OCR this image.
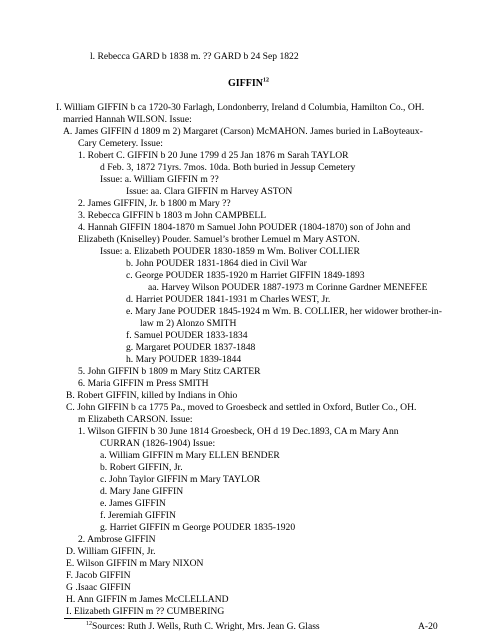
l. Rebecca GARD b 1838 m. ?? GARD b 24 Sep 1822
GIFFIN$^{12}$
I. William GIFFIN b ca 1720-30 Farlagh, Londonberry, Ireland d Columbia, Hamilton Co., OH.
married Hannah WILSON. Issue:
A. James GIFFIN d 1809 m 2) Margaret (Carson) McMAHON. James buried in LaBoyteaux-
Cary Cemetery. Issue:
1. Robert C. GIFFIN b 20 June 1799 d 25 Jan 1876 m Sarah TAYLOR
d Feb. 3, 1872 71yrs. 7mos. 10da. Both buried in Jessup Cemetery
Issue: a. William GIFFIN m ??
Issue: aa. Clara GIFFIN m Harvey ASTON
2. James GIFFIN, Jr. b 1800 m Mary ??
3. Rebecca GIFFIN b 1803 m John CAMPBELL
4. Hannah GIFFIN 1804-1870 m Samuel John POUDER (1804-1870) son of John and
Elizabeth (Kniselley) Pouder. Samuel’s brother Lemuel m Mary ASTON.
Issue: a. Elizabeth POUDER 1830-1859 m Wm. Boliver COLLIER
b. John POUDER 1831-1864 died in Civil War
c. George POUDER 1835-1920 m Harriet GIFFIN 1849-1893
aa. Harvey Wilson POUDER 1887-1973 m Corinne Gardner MENEFEE
d. Harriet POUDER 1841-1931 m Charles WEST, Jr.
e. Mary Jane POUDER 1845-1924 m Wm. B. COLLIER, her widower brother-in-
law m 2) Alonzo SMITH
f. Samuel POUDER 1833-1834
g. Margaret POUDER 1837-1848
h. Mary POUDER 1839-1844
5. John GIFFIN b 1809 m Mary Stitz CARTER
6. Maria GIFFIN m Press SMITH
B. Robert GIFFIN, killed by Indians in Ohio
C. John GIFFIN b ca 1775 Pa., moved to Groesbeck and settled in Oxford, Butler Co., OH.
m Elizabeth CARSON. Issue:
1. Wilson GIFFIN b 30 June 1814 Groesbeck, OH d 19 Dec.1893, CA m Mary Ann
CURRAN (1826-1904) Issue:
a. William GIFFIN m Mary ELLEN BENDER
b. Robert GIFFIN, Jr.
c. John Taylor GIFFIN m Mary TAYLOR
d. Mary Jane GIFFIN
e. James GIFFIN
f. Jeremiah GIFFIN
g. Harriet GIFFIN m George POUDER 1835-1920
2. Ambrose GIFFIN
D. William GIFFIN, Jr.
E. Wilson GIFFIN m Mary NIXON
F. Jacob GIFFIN
G .Isaac GIFFIN
H. Ann GIFFIN m James McCLELLAND
I. Elizabeth GIFFIN m ?? CUMBERING
$^{12}$Sources: Ruth J. Wells, Ruth C. Wright, Mrs. Jean G. Glass	A-20
